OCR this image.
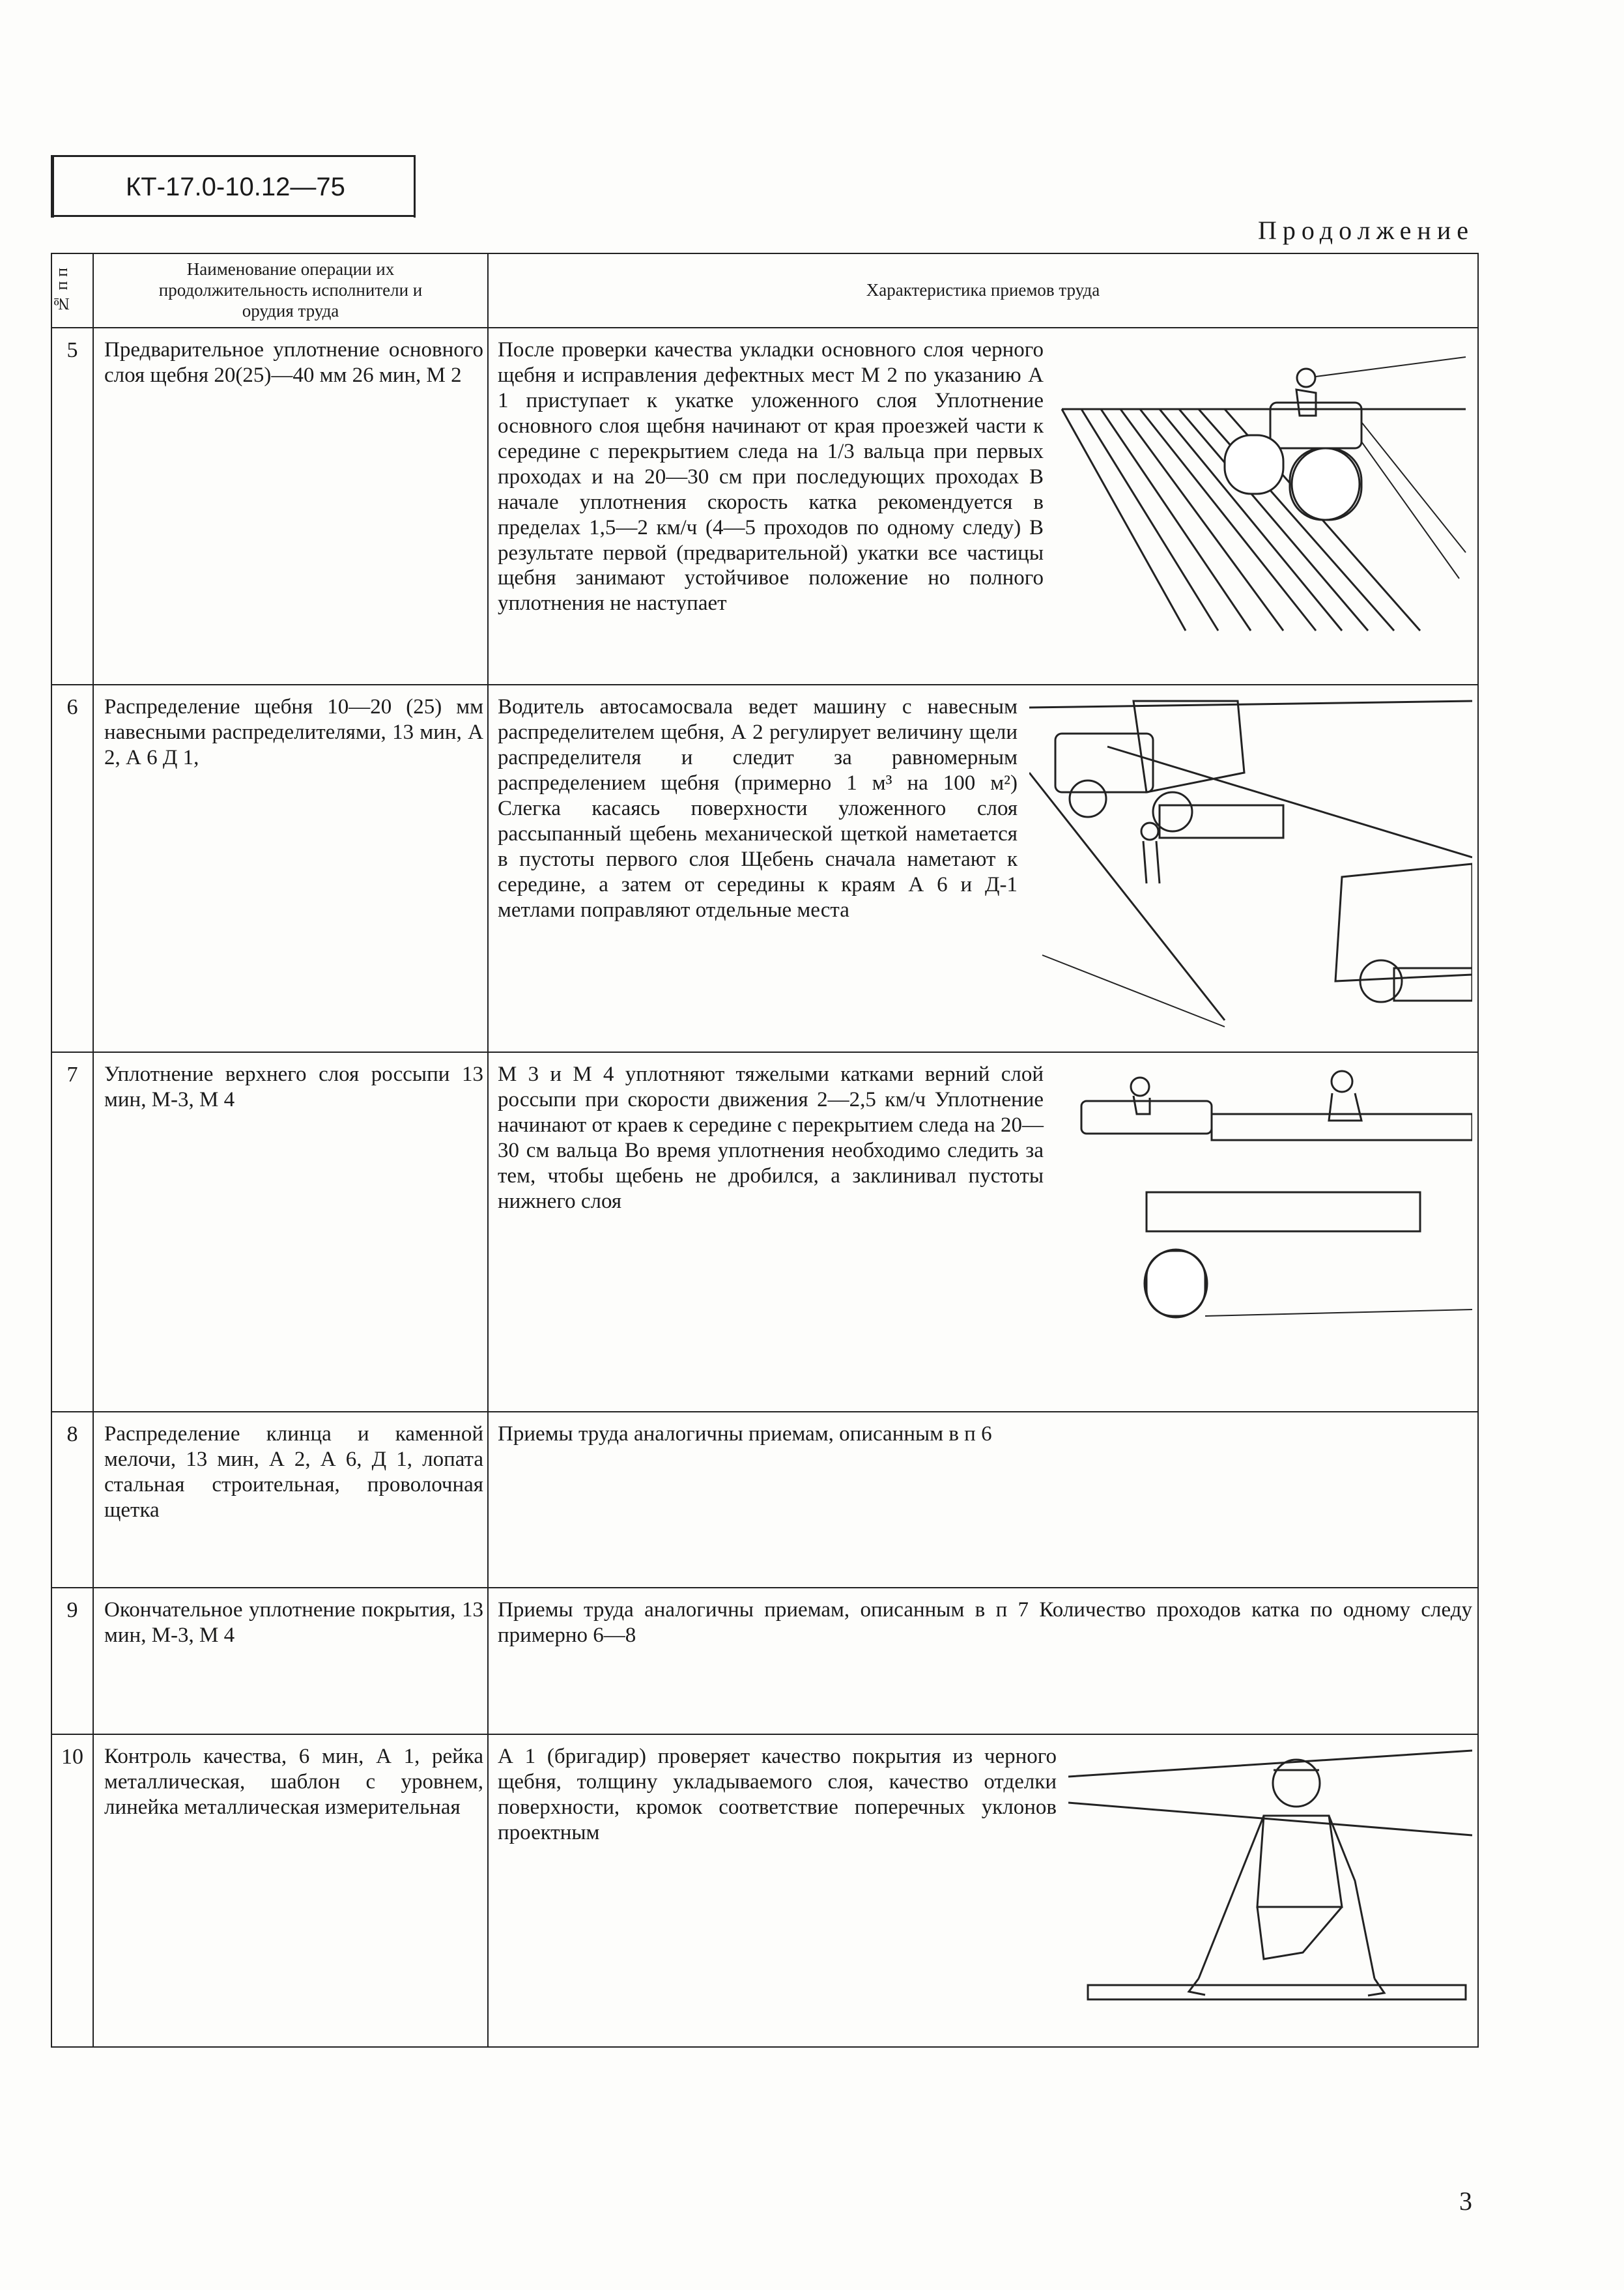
КТ-17.0-10.12—75
Продолжение
№ п п	Наименование операции их продолжительность исполнители и орудия труда	Характеристика приемов труда
5	Предварительное уплотнение основного слоя щебня 20(25)—40 мм 26 мин, М 2	После проверки качества укладки основного слоя черного щебня и исправления дефектных мест М 2 по указанию А 1 приступает к укатке уложенного слоя Уплотнение основного слоя щебня начинают от края проезжей части к середине с перекрытием следа на 1/3 вальца при первых проходах и на 20—30 см при последующих проходах В начале уплотнения скорость катка рекомендуется в пределах 1,5—2 км/ч (4—5 проходов по одному следу) В результате первой (предварительной) укатки все частицы щебня занимают устойчивое положение но полного уплотнения не наступает

6	Распределение щебня 10—20 (25) мм навесными распределителями, 13 мин, А 2, А 6 Д 1,	Водитель автосамосвала ведет машину с навесным распределителем щебня, А 2 регулирует величину щели распределителя и следит за равномерным распределением щебня (примерно 1 м³ на 100 м²) Слегка касаясь поверхности уложенного слоя рассыпанный щебень механической щеткой наметается в пустоты первого слоя Щебень сначала наметают к середине, а затем от середины к краям А 6 и Д-1 метлами поправляют отдельные места

7	Уплотнение верхнего слоя россыпи 13 мин, М-3, М 4	М 3 и М 4 уплотняют тяжелыми катками верний слой россыпи при скорости движения 2—2,5 км/ч Уплотнение начинают от краев к середине с перекрытием следа на 20—30 см вальца Во время уплотнения необходимо следить за тем, чтобы щебень не дробился, а заклинивал пустоты нижнего слоя

8	Распределение клинца и каменной мелочи, 13 мин, А 2, А 6, Д 1, лопата стальная строительная, проволочная щетка	Приемы труда аналогичны приемам, описанным в п 6

9	Окончательное уплотнение покрытия, 13 мин, М-3, М 4	Приемы труда аналогичны приемам, описанным в п 7 Количество проходов катка по одному следу примерно 6—8

10	Контроль качества, 6 мин, А 1, рейка металлическая, шаблон с уровнем, линейка металлическая измерительная	А 1 (бригадир) проверяет качество покрытия из черного щебня, толщину укладываемого слоя, качество отделки поверхности, кромок соответствие поперечных уклонов проектным
3
